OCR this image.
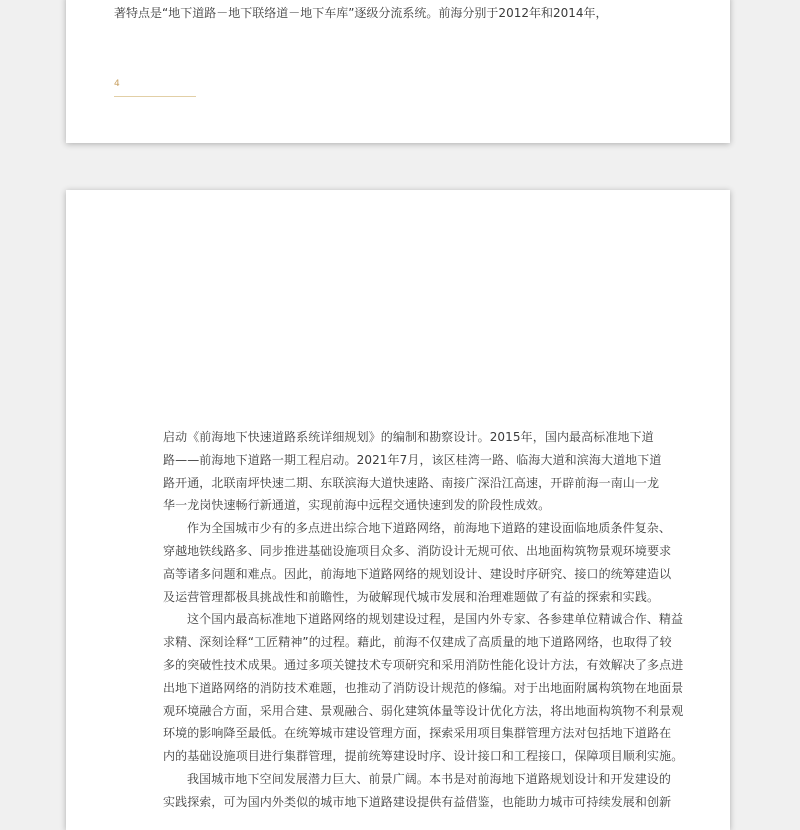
著特点是“地下道路－地下联络道－地下车库”逐级分流系统。前海分别于2012年和2014年，
4

启动《前海地下快速道路系统详细规划》的编制和勘察设计。2015年，国内最高标准地下道
路——前海地下道路一期工程启动。2021年7月，该区桂湾一路、临海大道和滨海大道地下道
路开通，北联南坪快速二期、东联滨海大道快速路、南接广深沿江高速，开辟前海一南山一龙
华一龙岗快速畅行新通道，实现前海中远程交通快速到发的阶段性成效。

作为全国城市少有的多点进出综合地下道路网络，前海地下道路的建设面临地质条件复杂、
穿越地铁线路多、同步推进基础设施项目众多、消防设计无规可依、出地面构筑物景观环境要求
高等诸多问题和难点。因此，前海地下道路网络的规划设计、建设时序研究、接口的统筹建造以
及运营管理都极具挑战性和前瞻性，为破解现代城市发展和治理难题做了有益的探索和实践。

这个国内最高标准地下道路网络的规划建设过程，是国内外专家、各参建单位精诚合作、精益
求精、深刻诠释“工匠精神”的过程。藉此，前海不仅建成了高质量的地下道路网络，也取得了较
多的突破性技术成果。通过多项关键技术专项研究和采用消防性能化设计方法，有效解决了多点进
出地下道路网络的消防技术难题，也推动了消防设计规范的修编。对于出地面附属构筑物在地面景
观环境融合方面，采用合建、景观融合、弱化建筑体量等设计优化方法，将出地面构筑物不利景观
环境的影响降至最低。在统筹城市建设管理方面，探索采用项目集群管理方法对包括地下道路在
内的基础设施项目进行集群管理，提前统筹建设时序、设计接口和工程接口，保障项目顺利实施。

我国城市地下空间发展潜力巨大、前景广阔。本书是对前海地下道路规划设计和开发建设的
实践探索，可为国内外类似的城市地下道路建设提供有益借鉴，也能助力城市可持续发展和创新
